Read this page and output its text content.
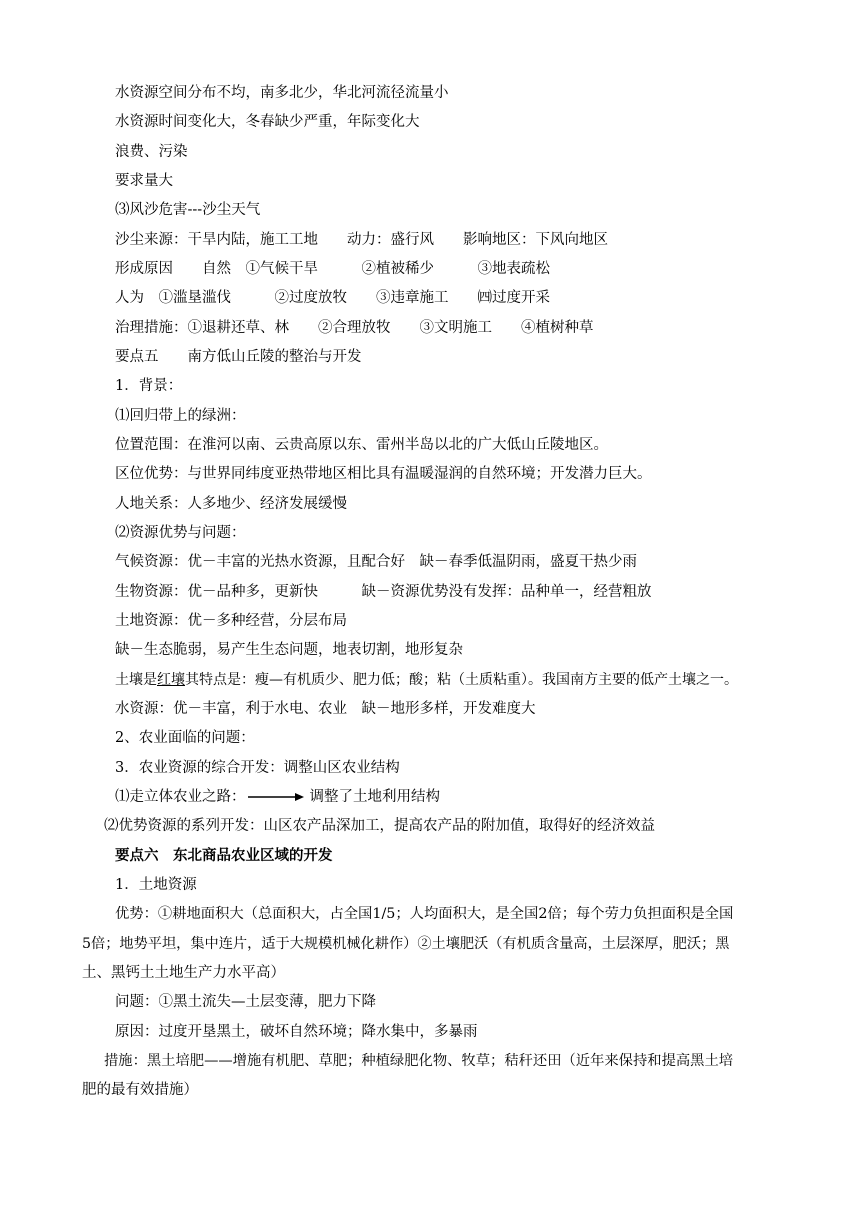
水资源空间分布不均，南多北少，华北河流径流量小
水资源时间变化大，冬春缺少严重，年际变化大
浪费、污染
要求量大
⑶风沙危害---沙尘天气
沙尘来源：干旱内陆，施工工地　　动力：盛行风　　影响地区：下风向地区
形成原因　　自然　①气候干旱　　　②植被稀少　　　③地表疏松
人为　①滥垦滥伐　　　②过度放牧　　③违章施工　　㈣过度开采
治理措施：①退耕还草、林　　②合理放牧　　③文明施工　　④植树种草
要点五　　南方低山丘陵的整治与开发
1．背景：
⑴回归带上的绿洲：
位置范围：在淮河以南、云贵高原以东、雷州半岛以北的广大低山丘陵地区。
区位优势：与世界同纬度亚热带地区相比具有温暖湿润的自然环境；开发潜力巨大。
人地关系：人多地少、经济发展缓慢
⑵资源优势与问题：
气候资源：优－丰富的光热水资源，且配合好　缺－春季低温阴雨，盛夏干热少雨
生物资源：优－品种多，更新快　　　缺－资源优势没有发挥：品种单一，经营粗放
土地资源：优－多种经营，分层布局
缺－生态脆弱，易产生生态问题，地表切割，地形复杂
土壤是红壤其特点是：瘦—有机质少、肥力低；酸；粘（土质粘重）。我国南方主要的低产土壤之一。
水资源：优－丰富，利于水电、农业　缺－地形多样，开发难度大
2、农业面临的问题：
3．农业资源的综合开发：调整山区农业结构
⑴走立体农业之路：	调整了土地利用结构
⑵优势资源的系列开发：山区农产品深加工，提高农产品的附加值，取得好的经济效益
要点六　东北商品农业区域的开发
1．土地资源
优势：①耕地面积大（总面积大，占全国1/5；人均面积大，是全国2倍；每个劳力负担面积是全国
5倍；地势平坦，集中连片，适于大规模机械化耕作）②土壤肥沃（有机质含量高，土层深厚，肥沃；黑
土、黑钙土土地生产力水平高）
问题：①黑土流失—土层变薄，肥力下降
原因：过度开垦黑土，破坏自然环境；降水集中，多暴雨
措施：黑土培肥——增施有机肥、草肥；种植绿肥化物、牧草；秸秆还田（近年来保持和提高黑土培
肥的最有效措施）
